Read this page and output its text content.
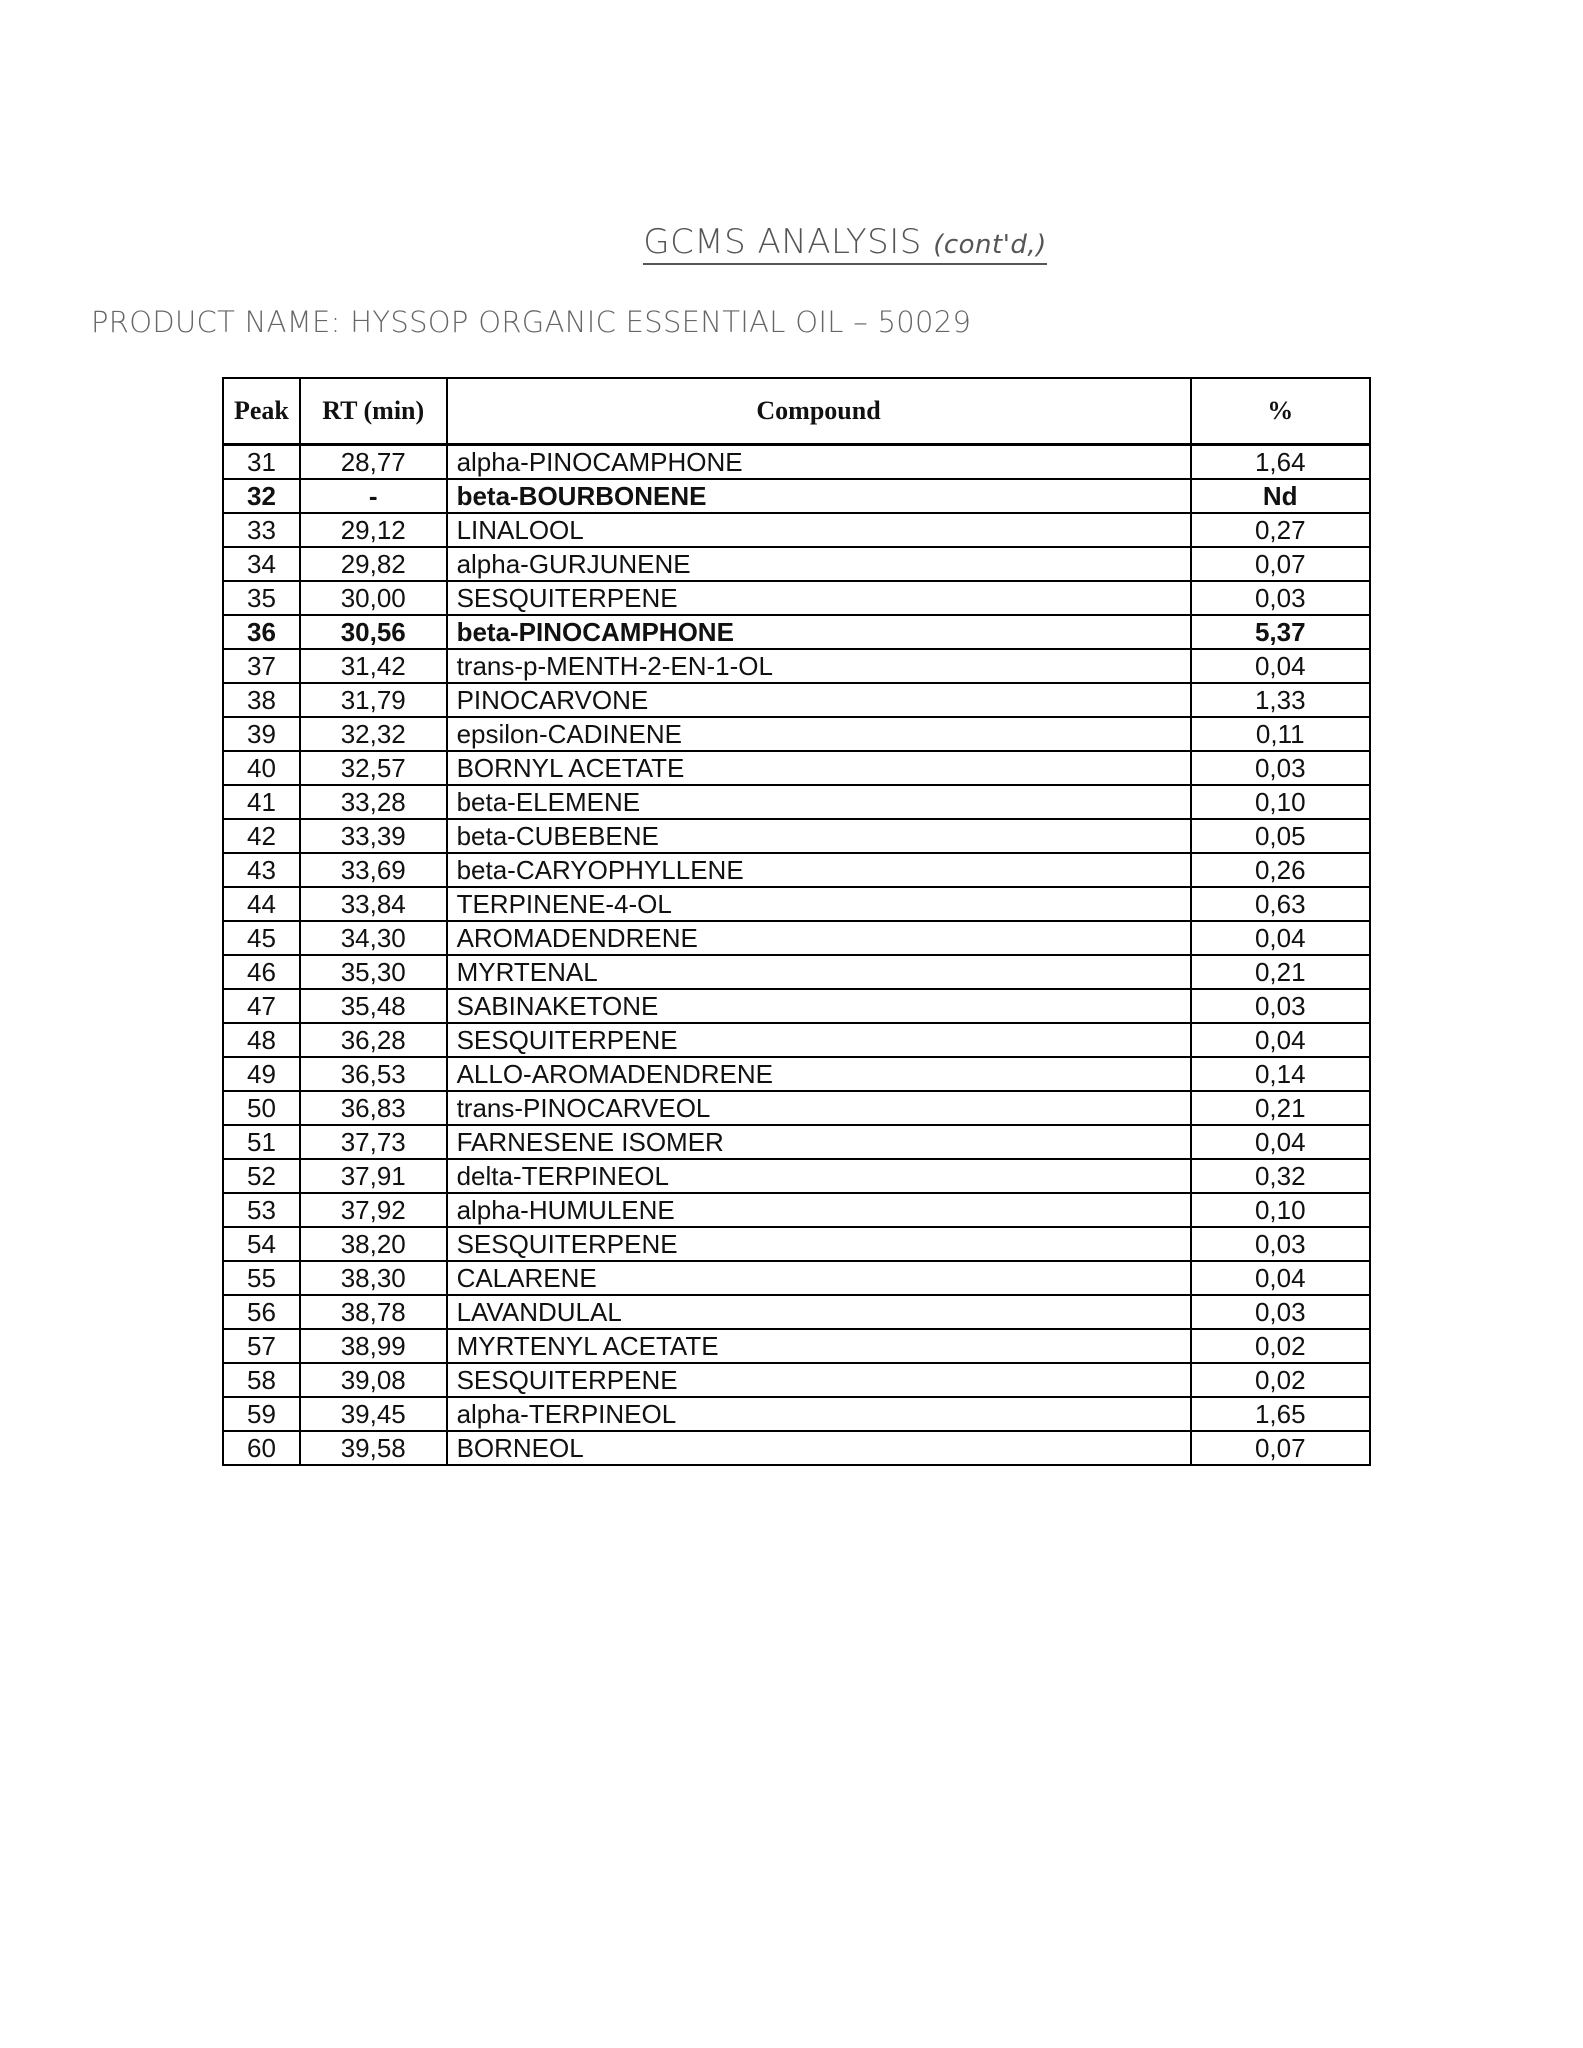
GCMS ANALYSIS (cont'd,)
PRODUCT NAME: HYSSOP ORGANIC ESSENTIAL OIL – 50029
Peak	RT (min)	Compound	%
31	28,77	alpha-PINOCAMPHONE	1,64
32	-	beta-BOURBONENE	Nd
33	29,12	LINALOOL	0,27
34	29,82	alpha-GURJUNENE	0,07
35	30,00	SESQUITERPENE	0,03
36	30,56	beta-PINOCAMPHONE	5,37
37	31,42	trans-p-MENTH-2-EN-1-OL	0,04
38	31,79	PINOCARVONE	1,33
39	32,32	epsilon-CADINENE	0,11
40	32,57	BORNYL ACETATE	0,03
41	33,28	beta-ELEMENE	0,10
42	33,39	beta-CUBEBENE	0,05
43	33,69	beta-CARYOPHYLLENE	0,26
44	33,84	TERPINENE-4-OL	0,63
45	34,30	AROMADENDRENE	0,04
46	35,30	MYRTENAL	0,21
47	35,48	SABINAKETONE	0,03
48	36,28	SESQUITERPENE	0,04
49	36,53	ALLO-AROMADENDRENE	0,14
50	36,83	trans-PINOCARVEOL	0,21
51	37,73	FARNESENE ISOMER	0,04
52	37,91	delta-TERPINEOL	0,32
53	37,92	alpha-HUMULENE	0,10
54	38,20	SESQUITERPENE	0,03
55	38,30	CALARENE	0,04
56	38,78	LAVANDULAL	0,03
57	38,99	MYRTENYL ACETATE	0,02
58	39,08	SESQUITERPENE	0,02
59	39,45	alpha-TERPINEOL	1,65
60	39,58	BORNEOL	0,07
